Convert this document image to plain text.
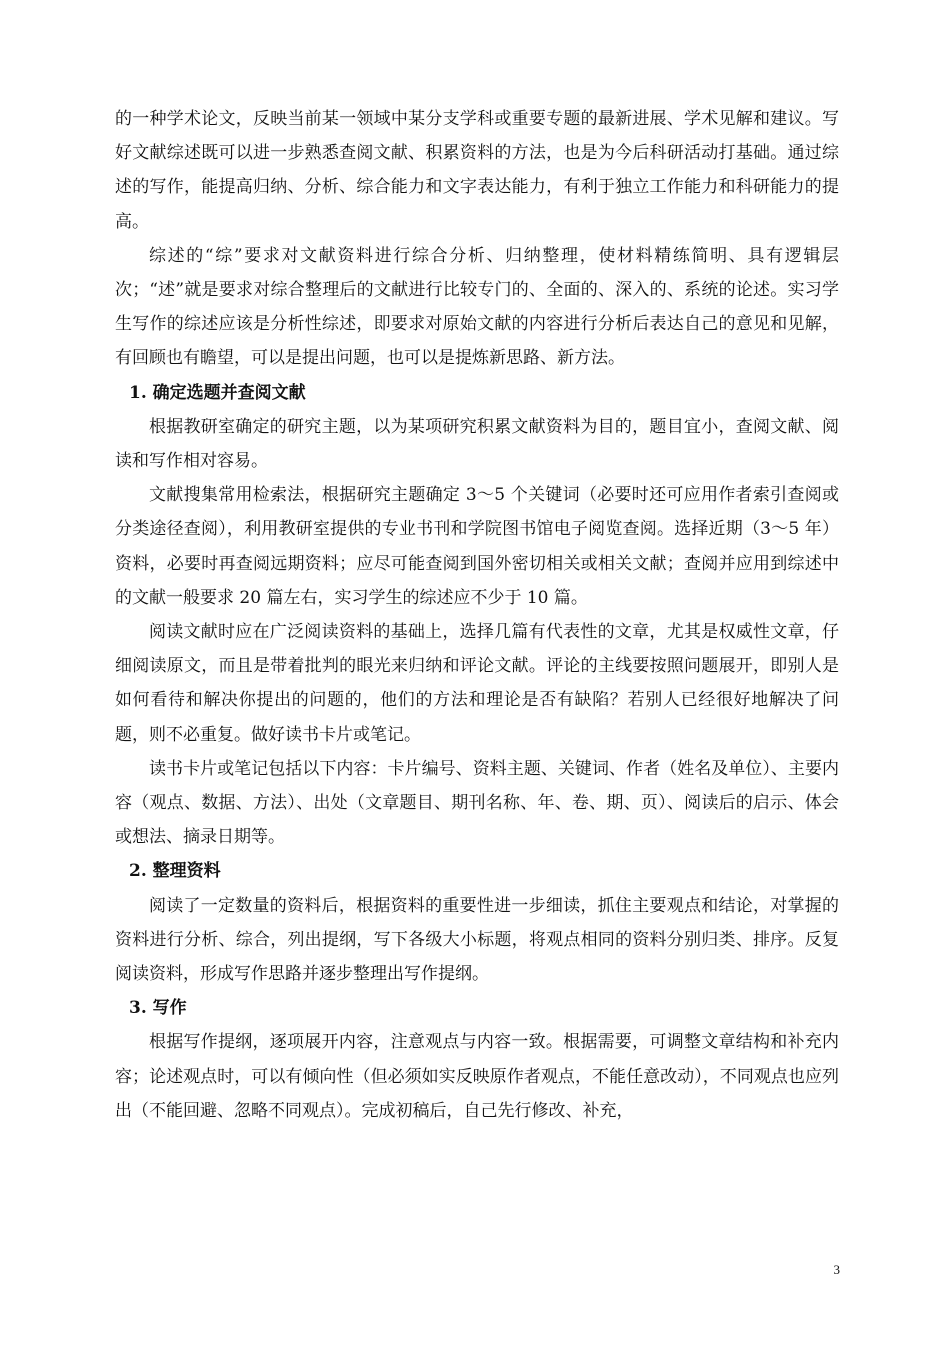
的一种学术论文，反映当前某一领域中某分支学科或重要专题的最新进展、学术见解和建议。写好文献综述既可以进一步熟悉查阅文献、积累资料的方法，也是为今后科研活动打基础。通过综述的写作，能提高归纳、分析、综合能力和文字表达能力，有利于独立工作能力和科研能力的提高。

综述的“综”要求对文献资料进行综合分析、归纳整理，使材料精练简明、具有逻辑层次；“述”就是要求对综合整理后的文献进行比较专门的、全面的、深入的、系统的论述。实习学生写作的综述应该是分析性综述，即要求对原始文献的内容进行分析后表达自己的意见和见解，有回顾也有瞻望，可以是提出问题，也可以是提炼新思路、新方法。

1. 确定选题并查阅文献

根据教研室确定的研究主题，以为某项研究积累文献资料为目的，题目宜小，查阅文献、阅读和写作相对容易。

文献搜集常用检索法，根据研究主题确定 3～5 个关键词（必要时还可应用作者索引查阅或分类途径查阅），利用教研室提供的专业书刊和学院图书馆电子阅览查阅。选择近期（3～5 年）资料，必要时再查阅远期资料；应尽可能查阅到国外密切相关或相关文献；查阅并应用到综述中的文献一般要求 20 篇左右，实习学生的综述应不少于 10 篇。

阅读文献时应在广泛阅读资料的基础上，选择几篇有代表性的文章，尤其是权威性文章，仔细阅读原文，而且是带着批判的眼光来归纳和评论文献。评论的主线要按照问题展开，即别人是如何看待和解决你提出的问题的，他们的方法和理论是否有缺陷？若别人已经很好地解决了问题，则不必重复。做好读书卡片或笔记。

读书卡片或笔记包括以下内容：卡片编号、资料主题、关键词、作者（姓名及单位）、主要内容（观点、数据、方法）、出处（文章题目、期刊名称、年、卷、期、页）、阅读后的启示、体会或想法、摘录日期等。

2. 整理资料

阅读了一定数量的资料后，根据资料的重要性进一步细读，抓住主要观点和结论，对掌握的资料进行分析、综合，列出提纲，写下各级大小标题，将观点相同的资料分别归类、排序。反复阅读资料，形成写作思路并逐步整理出写作提纲。

3. 写作

根据写作提纲，逐项展开内容，注意观点与内容一致。根据需要，可调整文章结构和补充内容；论述观点时，可以有倾向性（但必须如实反映原作者观点，不能任意改动），不同观点也应列出（不能回避、忽略不同观点）。完成初稿后，自己先行修改、补充，

3
